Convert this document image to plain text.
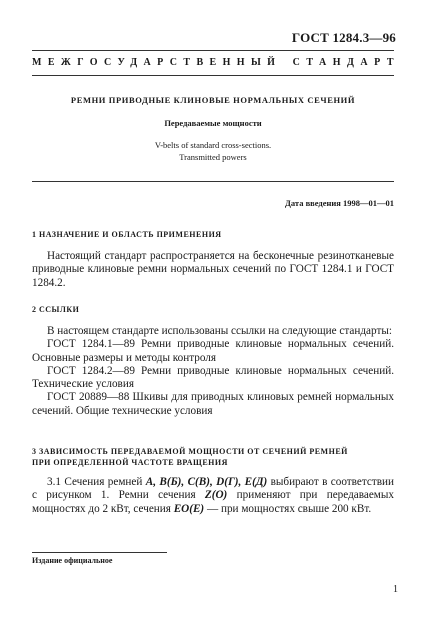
ГОСТ 1284.3—96
МЕЖГОСУДАРСТВЕННЫЙ СТАНДАРТ
РЕМНИ ПРИВОДНЫЕ КЛИНОВЫЕ НОРМАЛЬНЫХ СЕЧЕНИЙ
Передаваемые мощности
V-belts of standard cross-sections.
Transmitted powers
Дата введения 1998—01—01
1 НАЗНАЧЕНИЕ И ОБЛАСТЬ ПРИМЕНЕНИЯ

Настоящий стандарт распространяется на бесконечные резинотканевые приводные клиновые ремни нормальных сечений по ГОСТ 1284.1 и ГОСТ 1284.2.

2 ССЫЛКИ

В настоящем стандарте использованы ссылки на следующие стандарты:

ГОСТ 1284.1—89 Ремни приводные клиновые нормальных сечений. Основные размеры и методы контроля

ГОСТ 1284.2—89 Ремни приводные клиновые нормальных сечений. Технические условия

ГОСТ 20889—88 Шкивы для приводных клиновых ремней нормальных сечений. Общие технические условия

3 ЗАВИСИМОСТЬ ПЕРЕДАВАЕМОЙ МОЩНОСТИ ОТ СЕЧЕНИЙ РЕМНЕЙ
ПРИ ОПРЕДЕЛЕННОЙ ЧАСТОТЕ ВРАЩЕНИЯ

3.1 Сечения ремней A, B(Б), C(B), D(Г), E(Д) выбирают в соответствии с рисунком 1. Ремни сечения Z(O) применяют при передаваемых мощностях до 2 кВт, сечения EO(E) — при мощностях свыше 200 кВт.

Издание официальное
1
